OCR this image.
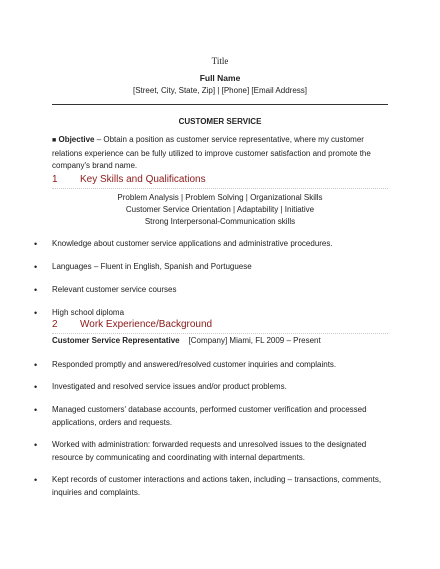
Title
Full Name
[Street, City, State, Zip] | [Phone] [Email Address]
CUSTOMER SERVICE
■ Objective – Obtain a position as customer service representative, where my customer relations experience can be fully utilized to improve customer satisfaction and promote the company's brand name.
1 Key Skills and Qualifications
Problem Analysis | Problem Solving | Organizational Skills
Customer Service Orientation | Adaptability | Initiative
Strong Interpersonal-Communication skills
• Knowledge about customer service applications and administrative procedures.
• Languages – Fluent in English, Spanish and Portuguese
• Relevant customer service courses
• High school diploma
2 Work Experience/Background
Customer Service Representative [Company] Miami, FL 2009 – Present
• Responded promptly and answered/resolved customer inquiries and complaints.
• Investigated and resolved service issues and/or product problems.
• Managed customers' database accounts, performed customer verification and processed applications, orders and requests.
• Worked with administration: forwarded requests and unresolved issues to the designated resource by communicating and coordinating with internal departments.
• Kept records of customer interactions and actions taken, including – transactions, comments, inquiries and complaints.
